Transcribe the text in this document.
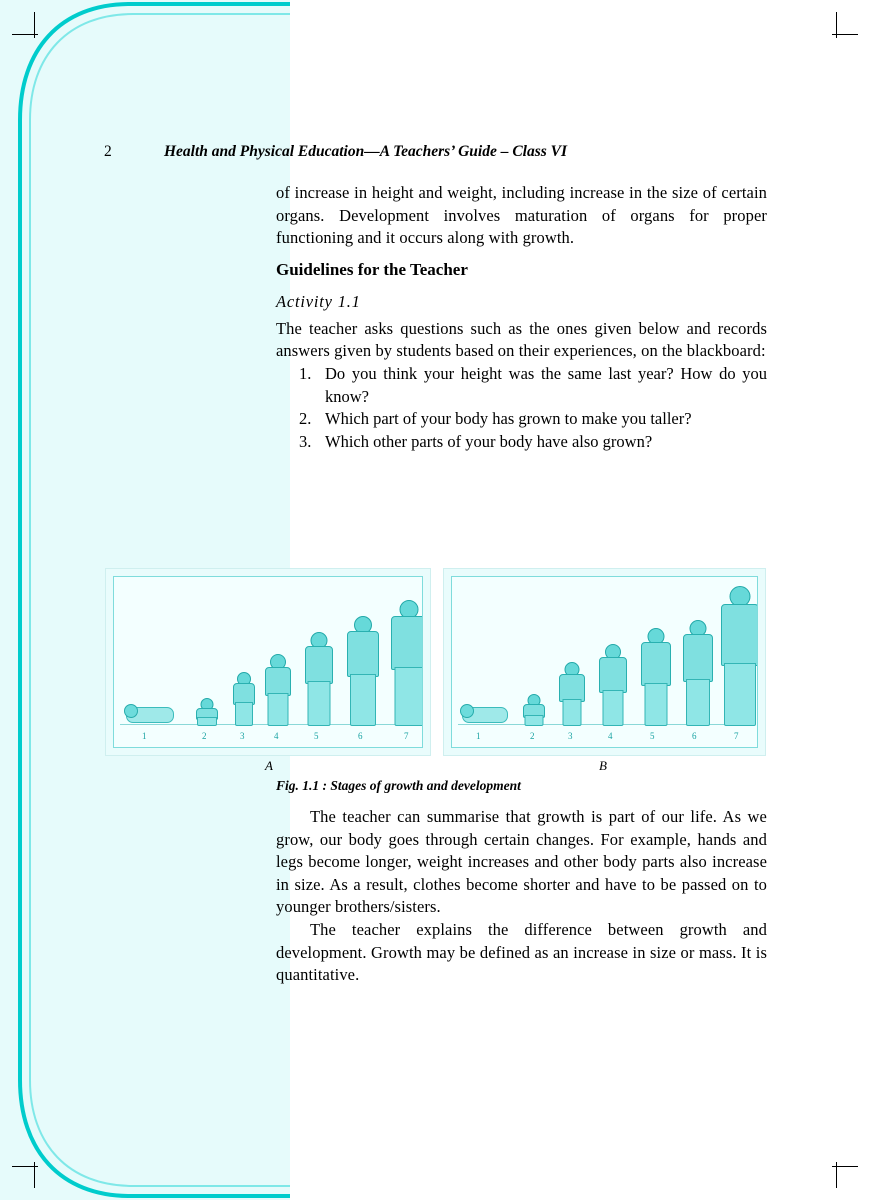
2	Health and Physical Education—A Teachers’ Guide – Class VI

of increase in height and weight, including increase in the size of certain organs. Development involves maturation of organs for proper functioning and it occurs along with growth.

Guidelines for the Teacher
Activity 1.1

The teacher asks questions such as the ones given below and records answers given by students based on their experiences, on the blackboard:

1. Do you think your height was the same last year? How do you know?
2. Which part of your body has grown to make you taller?
3. Which other parts of your body have also grown?
1	2	3	4	5	6	7	1	2	3	4	5	6	7
A	B
Fig. 1.1 : Stages of growth and development

The teacher can summarise that growth is part of our life. As we grow, our body goes through certain changes. For example, hands and legs become longer, weight increases and other body parts also increase in size. As a result, clothes become shorter and have to be passed on to younger brothers/sisters.

The teacher explains the difference between growth and development. Growth may be defined as an increase in size or mass. It is quantitative.
